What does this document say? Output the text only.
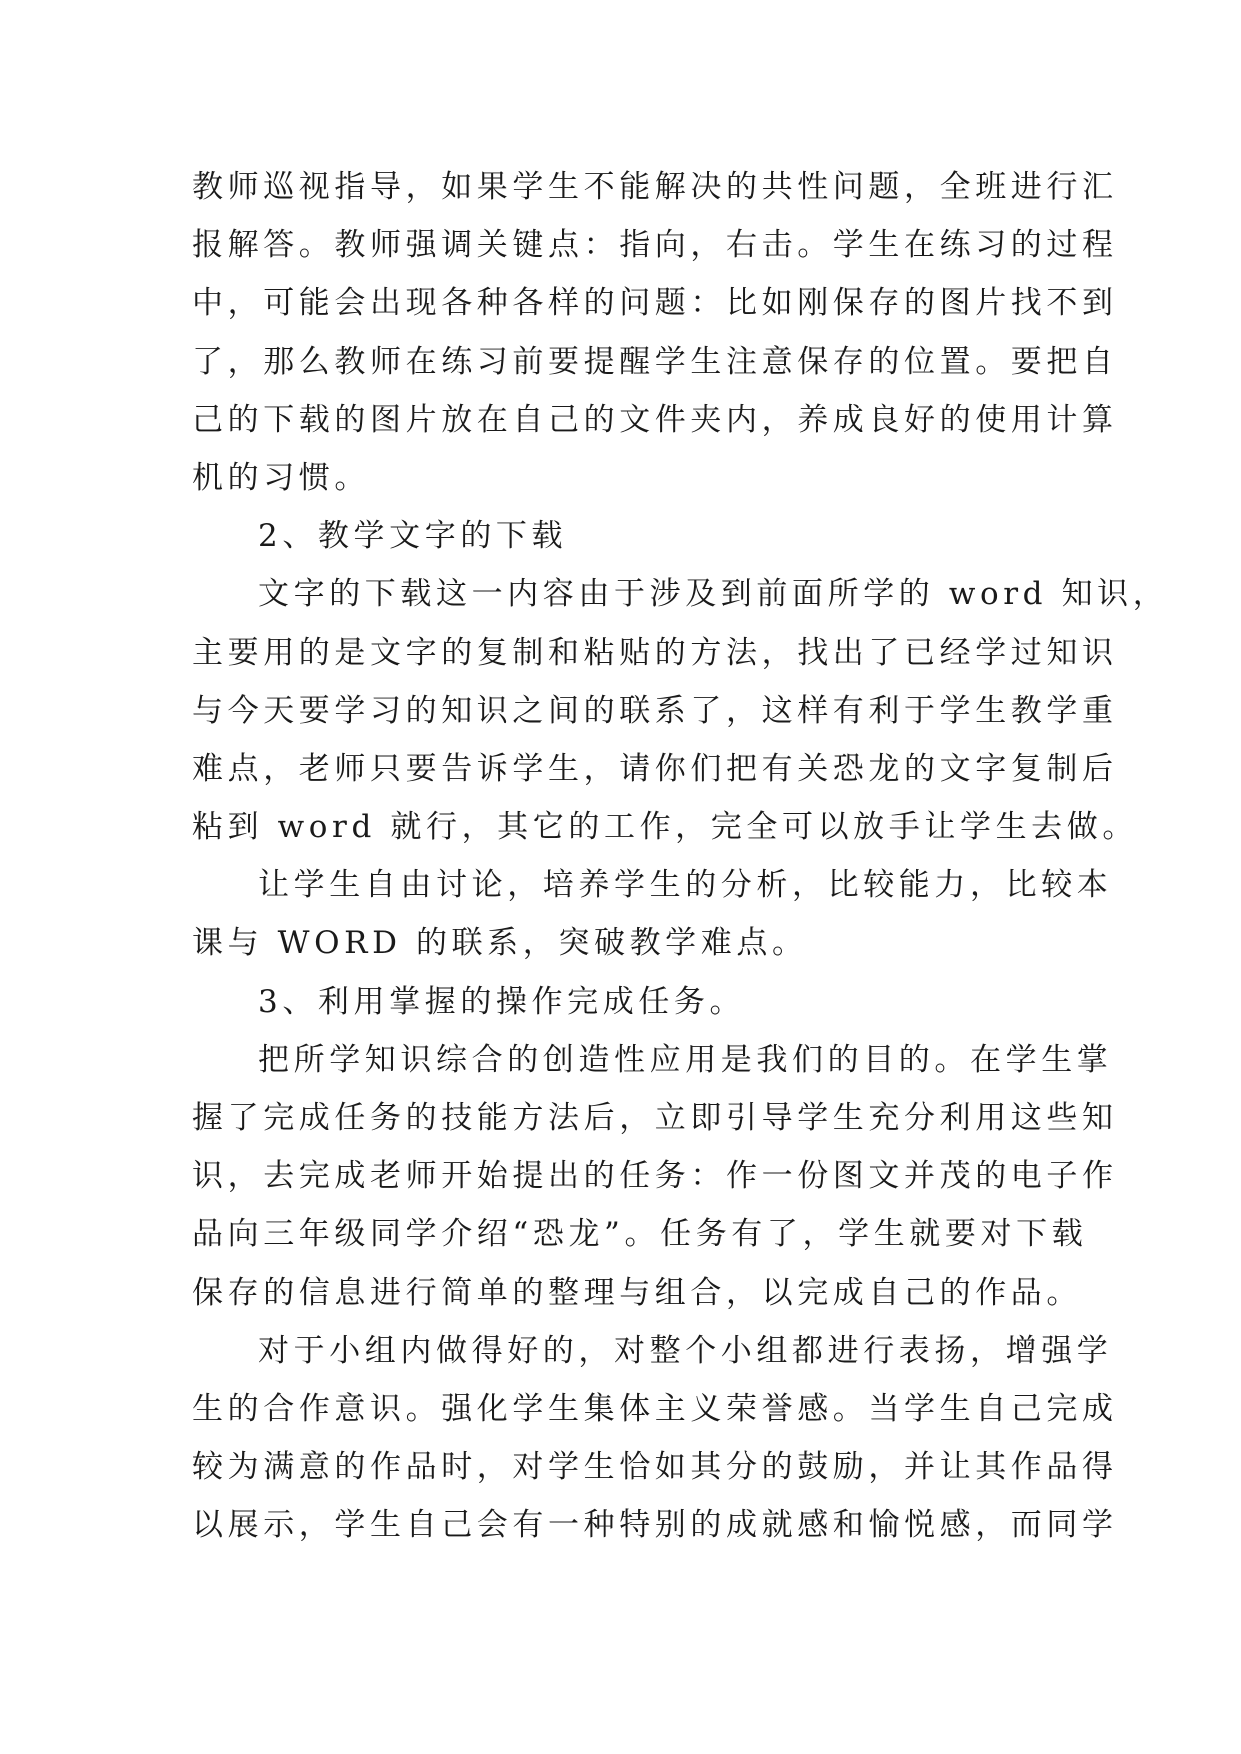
教师巡视指导，如果学生不能解决的共性问题，全班进行汇
报解答。教师强调关键点：指向，右击。学生在练习的过程
中，可能会出现各种各样的问题：比如刚保存的图片找不到
了，那么教师在练习前要提醒学生注意保存的位置。要把自
己的下载的图片放在自己的文件夹内，养成良好的使用计算
机的习惯。
2、教学文字的下载
文字的下载这一内容由于涉及到前面所学的 word 知识，
主要用的是文字的复制和粘贴的方法，找出了已经学过知识
与今天要学习的知识之间的联系了，这样有利于学生教学重
难点，老师只要告诉学生，请你们把有关恐龙的文字复制后
粘到 word 就行，其它的工作，完全可以放手让学生去做。
让学生自由讨论，培养学生的分析，比较能力，比较本
课与 WORD 的联系，突破教学难点。
3、利用掌握的操作完成任务。
把所学知识综合的创造性应用是我们的目的。在学生掌
握了完成任务的技能方法后，立即引导学生充分利用这些知
识，去完成老师开始提出的任务：作一份图文并茂的电子作
品向三年级同学介绍“恐龙”。任务有了，学生就要对下载
保存的信息进行简单的整理与组合，以完成自己的作品。
对于小组内做得好的，对整个小组都进行表扬，增强学
生的合作意识。强化学生集体主义荣誉感。当学生自己完成
较为满意的作品时，对学生恰如其分的鼓励，并让其作品得
以展示，学生自己会有一种特别的成就感和愉悦感，而同学
